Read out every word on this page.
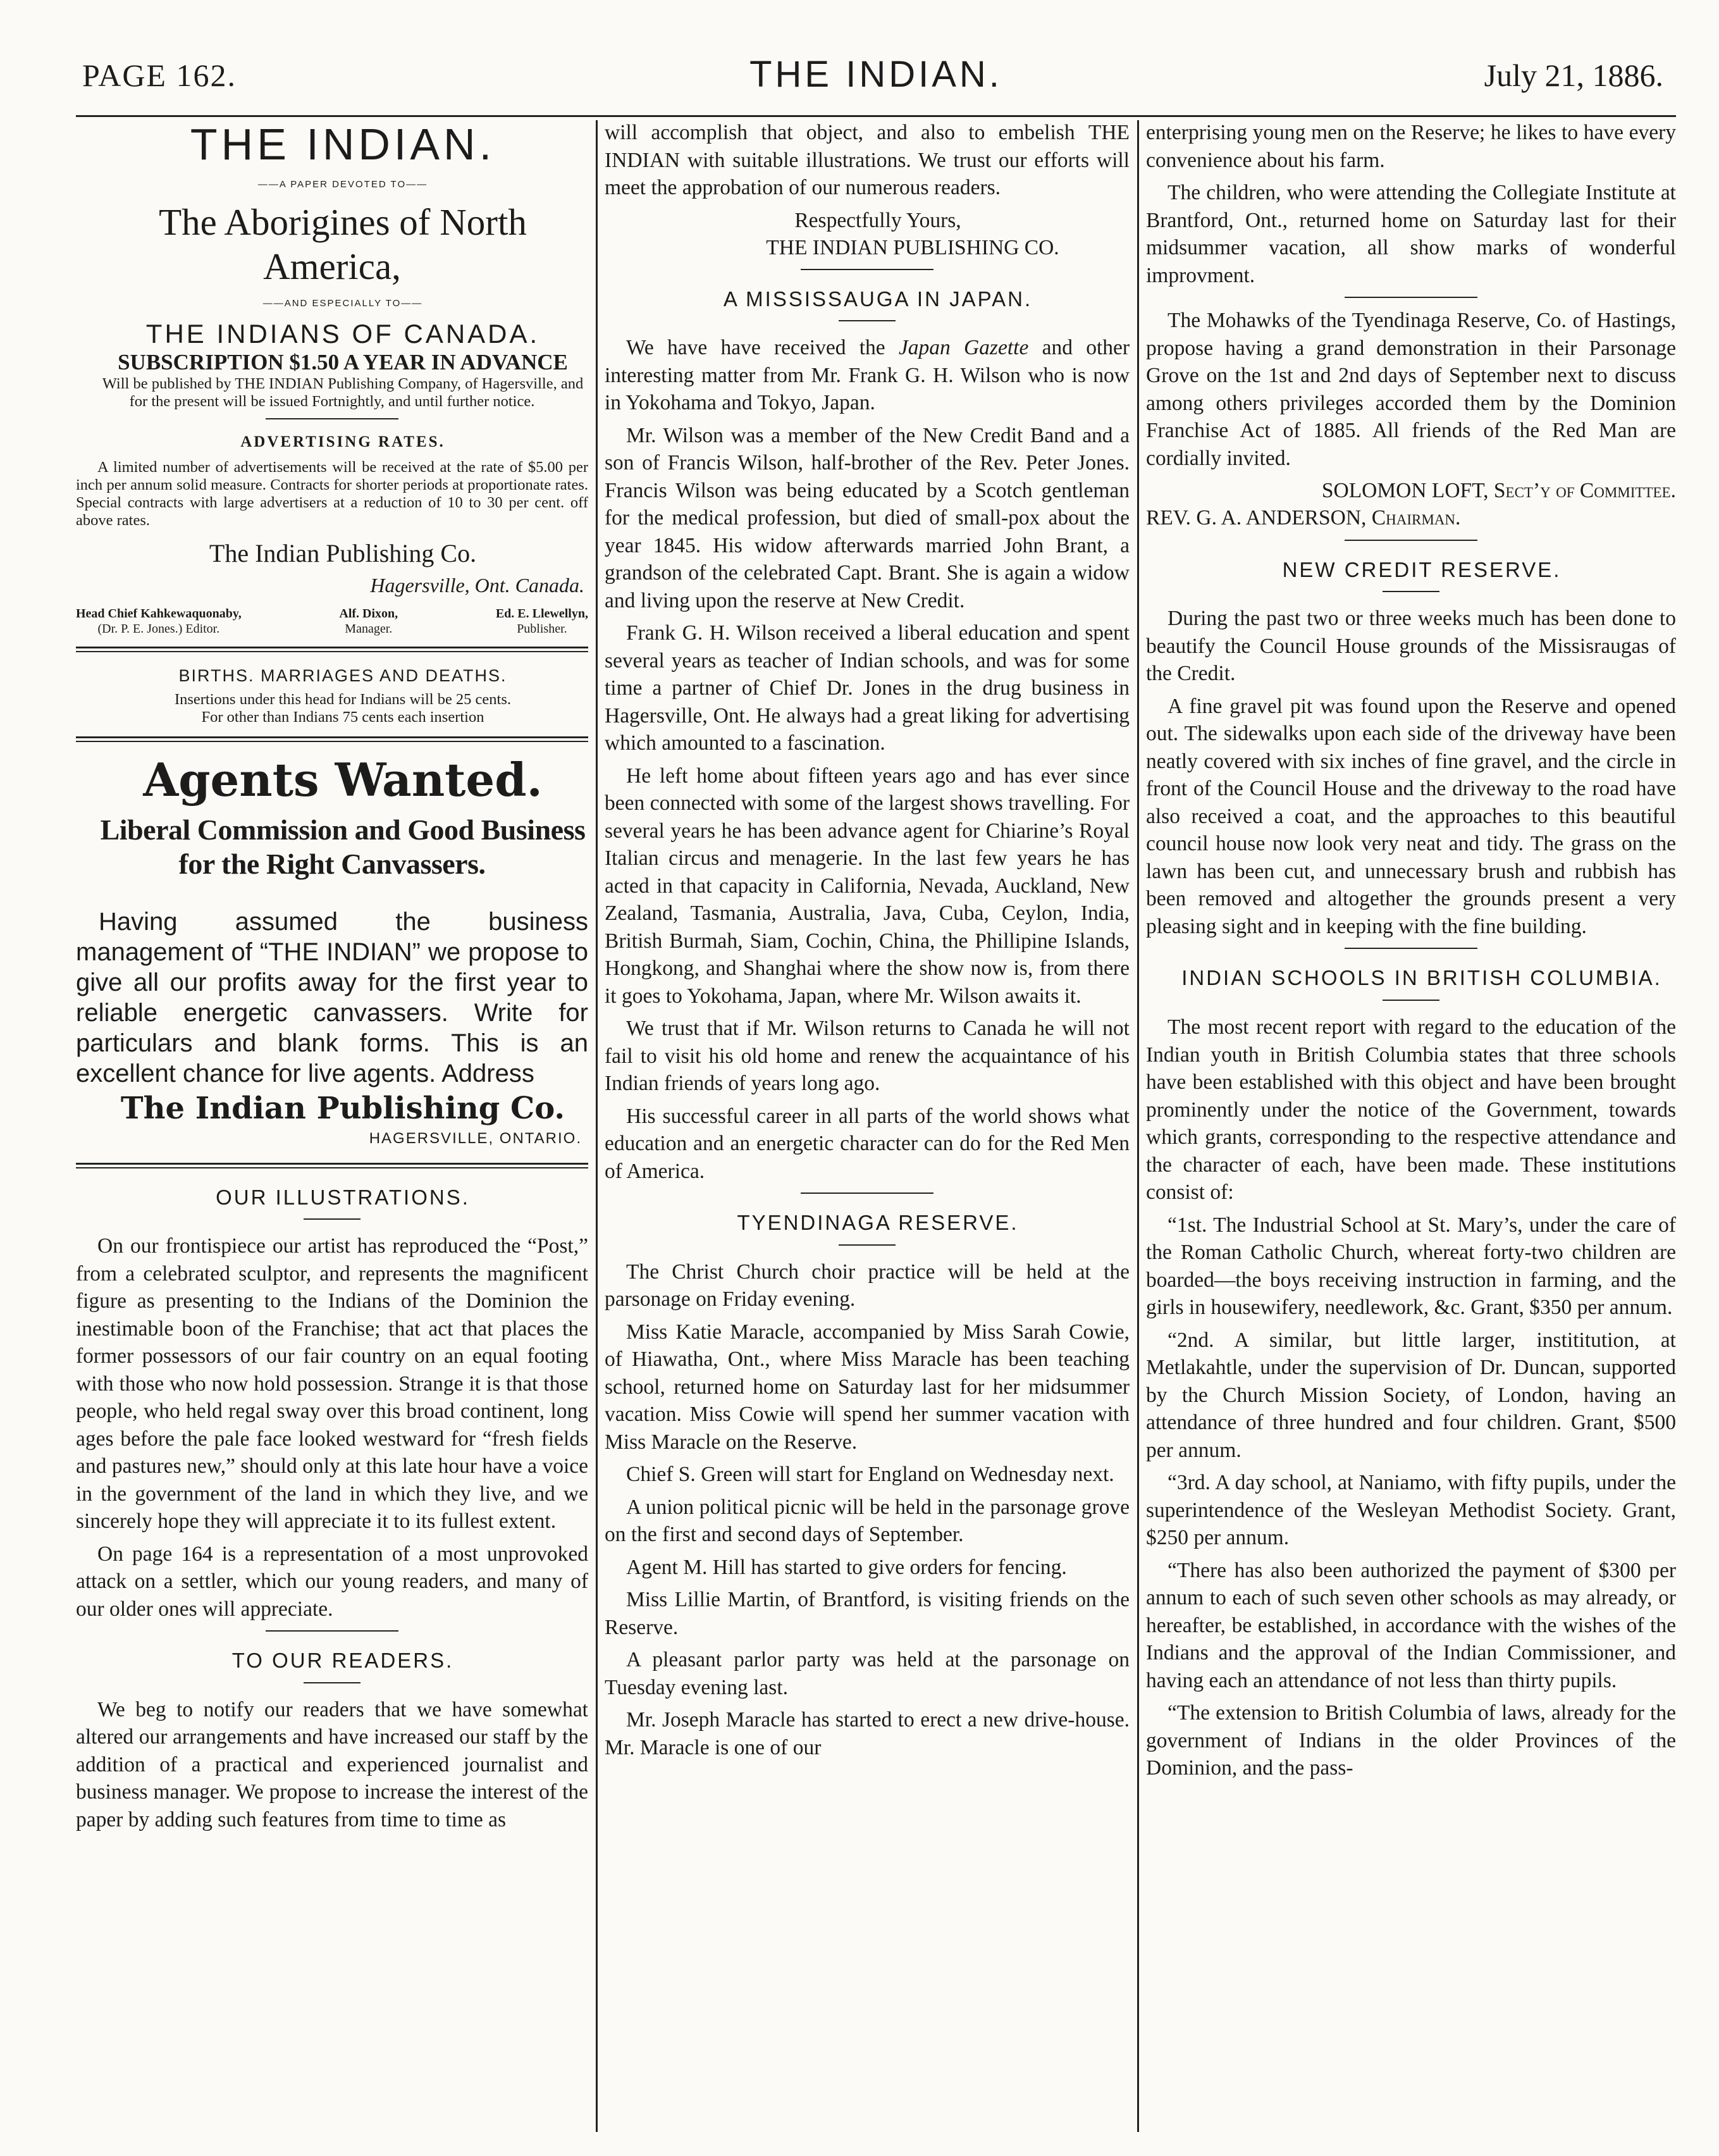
PAGE 162.	THE INDIAN.	July 21, 1886.

THE INDIAN.

——A PAPER DEVOTED TO——

The Aborigines of North America,

——AND ESPECIALLY TO——

THE INDIANS OF CANADA.

SUBSCRIPTION $1.50 A YEAR IN ADVANCE

Will be published by THE INDIAN Publishing Company, of Hagersville, and for the present will be issued Fortnightly, and until further notice.

ADVERTISING RATES.

A limited number of advertisements will be received at the rate of $5.00 per inch per annum solid measure. Contracts for shorter periods at proportionate rates. Special contracts with large advertisers at a reduction of 10 to 30 per cent. off above rates.

The Indian Publishing Co.

Hagersville, Ont. Canada.

Head Chief Kahkewaquonaby,
(Dr. P. E. Jones.) Editor.
Alf. Dixon,
Manager.
Ed. E. Llewellyn,
Publisher.

BIRTHS. MARRIAGES AND DEATHS.

Insertions under this head for Indians will be 25 cents.

For other than Indians 75 cents each insertion

Agents Wanted.

Liberal Commission and Good Business for the Right Canvassers.

Having assumed the business management of “THE INDIAN” we propose to give all our profits away for the first year to reliable energetic canvassers. Write for particulars and blank forms. This is an excellent chance for live agents. Address

The Indian Publishing Co.

HAGERSVILLE, ONTARIO.

OUR ILLUSTRATIONS.

On our frontispiece our artist has reproduced the “Post,” from a celebrated sculptor, and represents the magnificent figure as presenting to the Indians of the Dominion the inestimable boon of the Franchise; that act that places the former possessors of our fair country on an equal footing with those who now hold possession. Strange it is that those people, who held regal sway over this broad continent, long ages before the pale face looked westward for “fresh fields and pastures new,” should only at this late hour have a voice in the government of the land in which they live, and we sincerely hope they will appreciate it to its fullest extent.

On page 164 is a representation of a most unprovoked attack on a settler, which our young readers, and many of our older ones will appreciate.

TO OUR READERS.

We beg to notify our readers that we have somewhat altered our arrangements and have increased our staff by the addition of a practical and experienced journalist and business manager. We propose to increase the interest of the paper by adding such features from time to time as

will accomplish that object, and also to embelish THE INDIAN with suitable illustrations. We trust our efforts will meet the approbation of our numerous readers.

Respectfully Yours,

THE INDIAN PUBLISHING CO.

A MISSISSAUGA IN JAPAN.

We have have received the Japan Gazette and other interesting matter from Mr. Frank G. H. Wilson who is now in Yokohama and Tokyo, Japan.

Mr. Wilson was a member of the New Credit Band and a son of Francis Wilson, half-brother of the Rev. Peter Jones. Francis Wilson was being educated by a Scotch gentleman for the medical profession, but died of small-pox about the year 1845. His widow afterwards married John Brant, a grandson of the celebrated Capt. Brant. She is again a widow and living upon the reserve at New Credit.

Frank G. H. Wilson received a liberal education and spent several years as teacher of Indian schools, and was for some time a partner of Chief Dr. Jones in the drug business in Hagersville, Ont. He always had a great liking for advertising which amounted to a fascination.

He left home about fifteen years ago and has ever since been connected with some of the largest shows travelling. For several years he has been advance agent for Chiarine’s Royal Italian circus and menagerie. In the last few years he has acted in that capacity in California, Nevada, Auckland, New Zealand, Tasmania, Australia, Java, Cuba, Ceylon, India, British Burmah, Siam, Cochin, China, the Phillipine Islands, Hongkong, and Shanghai where the show now is, from there it goes to Yokohama, Japan, where Mr. Wilson awaits it.

We trust that if Mr. Wilson returns to Canada he will not fail to visit his old home and renew the acquaintance of his Indian friends of years long ago.

His successful career in all parts of the world shows what education and an energetic character can do for the Red Men of America.

TYENDINAGA RESERVE.

The Christ Church choir practice will be held at the parsonage on Friday evening.

Miss Katie Maracle, accompanied by Miss Sarah Cowie, of Hiawatha, Ont., where Miss Maracle has been teaching school, returned home on Saturday last for her midsummer vacation. Miss Cowie will spend her summer vacation with Miss Maracle on the Reserve.

Chief S. Green will start for England on Wednesday next.

A union political picnic will be held in the parsonage grove on the first and second days of September.

Agent M. Hill has started to give orders for fencing.

Miss Lillie Martin, of Brantford, is visiting friends on the Reserve.

A pleasant parlor party was held at the parsonage on Tuesday evening last.

Mr. Joseph Maracle has started to erect a new drive-house. Mr. Maracle is one of our

enterprising young men on the Reserve; he likes to have every convenience about his farm.

The children, who were attending the Collegiate Institute at Brantford, Ont., returned home on Saturday last for their midsummer vacation, all show marks of wonderful improvment.

The Mohawks of the Tyendinaga Reserve, Co. of Hastings, propose having a grand demonstration in their Parsonage Grove on the 1st and 2nd days of September next to discuss among others privileges accorded them by the Dominion Franchise Act of 1885. All friends of the Red Man are cordially invited.

SOLOMON LOFT, Sect’y of Committee.

REV. G. A. ANDERSON, Chairman.

NEW CREDIT RESERVE.

During the past two or three weeks much has been done to beautify the Council House grounds of the Missisraugas of the Credit.

A fine gravel pit was found upon the Reserve and opened out. The sidewalks upon each side of the driveway have been neatly covered with six inches of fine gravel, and the circle in front of the Council House and the driveway to the road have also received a coat, and the approaches to this beautiful council house now look very neat and tidy. The grass on the lawn has been cut, and unnecessary brush and rubbish has been removed and altogether the grounds present a very pleasing sight and in keeping with the fine building.

INDIAN SCHOOLS IN BRITISH COLUMBIA.

The most recent report with regard to the education of the Indian youth in British Columbia states that three schools have been established with this object and have been brought prominently under the notice of the Government, towards which grants, corresponding to the respective attendance and the character of each, have been made. These institutions consist of:

“1st. The Industrial School at St. Mary’s, under the care of the Roman Catholic Church, whereat forty-two children are boarded—the boys receiving instruction in farming, and the girls in housewifery, needlework, &c. Grant, $350 per annum.

“2nd. A similar, but little larger, instititution, at Metlakahtle, under the supervision of Dr. Duncan, supported by the Church Mission Society, of London, having an attendance of three hundred and four children. Grant, $500 per annum.

“3rd. A day school, at Naniamo, with fifty pupils, under the superintendence of the Wesleyan Methodist Society. Grant, $250 per annum.

“There has also been authorized the payment of $300 per annum to each of such seven other schools as may already, or hereafter, be established, in accordance with the wishes of the Indians and the approval of the Indian Commissioner, and having each an attendance of not less than thirty pupils.

“The extension to British Columbia of laws, already for the government of Indians in the older Provinces of the Dominion, and the pass-
